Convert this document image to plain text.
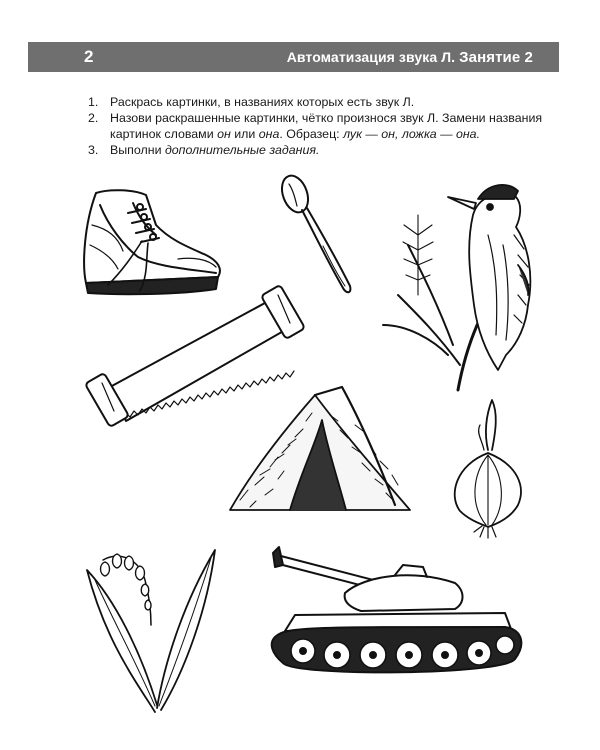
2	Автоматизация звука Л. Занятие 2
1. Раскрась картинки, в названиях которых есть звук Л.
2. Назови раскрашенные картинки, чётко произнося звук Л. Замени названия картинок словами он или она. Образец: лук — он, ложка — она.
3. Выполни дополнительные задания.
